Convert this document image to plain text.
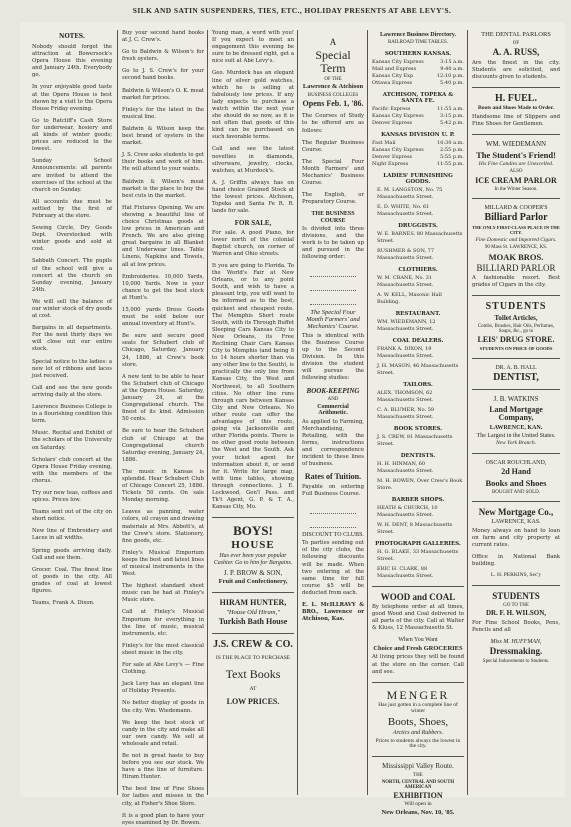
SILK AND SATIN SUSPENDERS, TIES, ETC., HOLIDAY PRESENTS AT ABE LEVY'S.
NOTES.

Nobody should forget the attraction at Bowersock's Opera House this evening and January 24th. Everybody go.

In your enjoyable good taste at the Opera House is best shown by a visit to the Opera House Friday evening.

Go to Ratcliff's Cash Store for underwear, hosiery and all kinds of winter goods; prices are reduced to the lowest.

Sunday School Announcements: all parents are invited to attend the exercises of the school at the church on Sunday.

All accounts due must be settled by the first of February at the store.

Sewing Circle, Dry Goods Dept. Overstocked with winter goods and sold at cost.

Sabbath Concert. The pupils of the school will give a concert at the church on Sunday evening, January 24th.

We will sell the balance of our winter stock of dry goods at cost.

Bargains in all departments. For the next thirty days we will close out our entire stock.

Special notice to the ladies: a new lot of ribbons and laces just received.

Call and see the new goods arriving daily at the store.

Lawrence Business College is in a flourishing condition this term.

Music. Recital and Exhibit of the scholars of the University on Saturday.

Scholars' club concert at the Opera House Friday evening, with the members of the chorus.

Try our new teas, coffees and spices. Prices low.

Teams sent out of the city on short notice.

New line of Embroidery and Laces in all widths.

Spring goods arriving daily. Call and see them.

Grocer. Coal. The finest line of goods in the city. All grades of coal at lowest figures.

Teams, Frank A. Dixon.

Buy your second hand books at J. C. Crew's.

Go to Baldwin & Wilson's for fresh oysters.

Go to J. S. Crew's for your second hand books.

Baldwin & Wilson's O. K. meat market for prices.

Finley's for the latest in the musical line.

Baldwin & Wilson keep the best brand of oysters in the market.

J. S. Crew asks students to get their books and work of him. He will attend to your wants.

Baldwin & Wilson's meat market is the place to buy the best cuts in the market.

Hat Fixtures Opening. We are showing a beautiful line of choice Christmas goods at low prices in American and French. We are also giving great bargains in all Blanket and Underwear lines. Table Linens, Napkins and Towels, all at low prices.

Embroideries. 10,000 Yards, 10,000 Yards. Now is your chance to get the best stock at Hunt's.

15,000 yards Dress Goods must be sold below our annual inventory at Hunt's.

Be sure and secure good seats for Schubert club of Chicago, Saturday, January 24, 1886, at Crew's book store.

A new tent to be able to hear the Schubert club of Chicago at the Opera House. Saturday, January 24, at the Congregational church. The finest of its kind. Admission 50 cents.

Be sure to hear the Schubert club of Chicago at the Congregational church Saturday evening, January 24, 1886.

The music in Kansas is splendid. Hear Schubert Club of Chicago Concert 25, 1886. Tickets 50 cents. On sale Monday morning.

Leaves as panning, water colors, oil crayon and drawing materials at Mrs. Abbott's, at the Crew's store. Stationery, fine goods, etc.

Finley's Musical Emporium keeps the best and latest lines of musical instruments in the West.

The highest standard sheet music can be had at Finley's Music store.

Call at Finley's Musical Emporium for everything in the line of music, musical instruments, etc.

Finley's for the most classical sheet music in the city.

For sale at Abe Levy's — Fine Clothing.

Jack Levy has an elegant line of Holiday Presents.

No better display of goods in the city. Wm. Wiedemann.

We keep the best stock of candy in the city and make all our own candy. We sell at wholesale and retail.

Be not in great haste to buy before you see our stock. We have a fine line of furniture. Hiram Hunter.

The best line of Fine Shoes for ladies and misses in the city, at Fisher's Shoe Store.

It is a good plan to have your eyes examined by Dr. Bowen.

Young man, a word with you! If you expect to meet an engagement this evening be sure to be dressed right, get a nice suit at Abe Levy's.

Geo. Murdock has an elegant line of silver gold watches, which he is selling at fabulously low prices. If any lady expects to purchase a watch within the next year she should do so now, as it is not often that goods of this kind can be purchased on such favorable terms.

Call and see the latest novelties in diamonds, silverware, jewelry, clocks, watches, at Murdock's.

A. J. Griffin always has on hand choice Grained Stock at the lowest prices. Atchison, Topeka and Santa Fe R. R. lands for sale.

FOR SALE,

For sale. A good Piano, for lower north of the colonial Baptist church, on corner of Warren and Ohio streets.

It you are going to Florida. To the World's Fair at New Orleans, or to any point South, and wish to have a pleasant trip, you will want to be informed as to the best, quickest and cheapest route. The Memphis Short route South, with its Through Buffet Sleeping Cars Kansas City to New Orleans, its Free Reclining Chair Cars Kansas City to Memphis (and being 8 to 14 hours shorter than via any other line to the South), is practically the only line from Kansas City, the West and Northwest, to all Southern cities. No other line runs through cars between Kansas City and New Orleans. No other route can offer the advantages of this route, going via Jacksonville and other Florida points. There is no other good route between the West and the South. Ask your ticket agent for information about it, or send for it. Write for large map, with time tables, showing through connections. J. E. Lockwood, Gen'l Pass. and Tk't Agent, G. P. & T. A., Kansas City, Mo.

BOYS!
HOUSE
Has ever been your popular Cashier. Go to him for Bargains.
J. P. BROW & SON,
Fruit and Confectionery,
HIRAM HUNTER,
"House Old Hiram,"
Turkish Bath House
J.S. CREW & CO.
IS THE PLACE TO PURCHASE
Text Books
AT
LOW PRICES.
A
Special Term
OF THE
Lawrence & Atchison
BUSINESS COLLEGES
Opens Feb. 1, '86.

The Courses of Study to be offered are as follows:

The Regular Business Course.

The Special Four Month Farmers' and Mechanics' Business Course.

The English, or Preparatory Course.

THE BUSINESS COURSE

Is divided into three divisions, and the work is to be taken up and pursued in the following order:

The Special Four Month Farmers' and Mechanics' Course.

This is identical with the Business Course up to the Second Division. In this division the student will pursue the following studies:

BOOK-KEEPING
AND
Commercial Arithmetic.

As applied to Farming, Merchandising, Retailing, with the forms, instructions and correspondence incident to these lines of business.

Rates of Tuition.

Payable on entering Full Business Course.

DISCOUNT TO CLUBS.

To parties sending out of the city clubs, the following discounts will be made. When two entering at the same time for full course $5 will be deducted from each.

E. L. McILLRAVY & BRO., Lawrence or Atchison, Kas.

Lawrence Business Directory.
RAILROAD TIME TABLES.
SOUTHERN KANSAS.
Kansas City Express	3:15 a.m.
Mail and Express	9:40 a.m.
Kansas City Exp	12:10 p.m.
Ottawa Express	5:40 p.m.
ATCHISON, TOPEKA & SANTA FE.
Pacific Express	11:55 a.m.
Kansas City Express	3:15 p.m.
Denver Express	5:42 p.m.
KANSAS DIVISION U. P.
Fast Mail	10:30 a.m.
Kansas City Express	2:55 p.m.
Denver Express	5:55 p.m.
Night Express	11:55 p.m.
LADIES' FURNISHING GOODS.
E. M. LANGSTON, No. 75 Massachusetts Street.
E. D. WHITE, No. 61 Massachusetts Street.
DRUGGISTS.
W. E. BARNES, 80 Massachusetts Street.
RUSHMER & SON, 77 Massachusetts Street.
CLOTHIERS.
W. M. CRANE, No. 31 Massachusetts Street.
A. W. KELL, Masonic Hall Building.
RESTAURANT.
WM. WIEDEMANN, 12 Massachusetts Street.
COAL DEALERS.
FRANK A. DIXON, 19 Massachusetts Street.
J. H. MASON, 46 Massachusetts Street.
TAILORS.
ALEX. THOMSON, 62 Massachusetts Street.
C. A. BLUMER, No. 59 Massachusetts Street.
BOOK STORES.
J. S. CREW, 81 Massachusetts Street.
DENTISTS.
H. H. HINMAN, 60 Massachusetts Street.
M. H. BOWEN, Over Crew's Book Store.
BARBER SHOPS.
HEATH & CHURCH, 10 Massachusetts Street.
W. H. DENT, 8 Massachusetts Street.
PHOTOGRAPH GALLERIES.
H. G. BLAKE, 33 Massachusetts Street.
ERIC H. CLARK, 88 Massachusetts Street.
WOOD and COAL

By telephone order at all times, good Wood and Coal delivered to all parts of the city. Call at Walter & Kluss, 12 Massachusetts St.

When You Want
Choice and Fresh GROCERIES

At living prices they will be found at the store on the corner. Call and see.

MENGER
Has just gotten in a complete line of winter
Boots, Shoes,
Arctics and Rubbers.
Prices to students always the lowest in the city.
Mississippi Valley Route.
THE
NORTH, CENTRAL AND SOUTH AMERICAN
EXHIBITION
Will open in
New Orleans, Nov. 10, '85.
THE DENTAL PARLORS
OF
A. A. RUSS,

Are the finest in the city. Students are solicited, and discounts given to students.

H. FUEL.
Boots and Shoes Made to Order.

Handsome line of Slippers and Fine Shoes for Gentlemen.

WM. WIEDEMANN
The Student's Friend!
His Fine Candies are Unexcelled.
ALSO
ICE CREAM PARLOR
In the Winter Season.
MILLARD & COOPER'S
Billiard Parlor
THE ONLY FIRST-CLASS PLACE IN THE CITY.
Fine Domestic and Imported Cigars.
90 Mass St. LAWRENCE, KS.
MOAK BROS.
BILLIARD PARLOR

A fashionable resort. Best grades of Cigars in the city.

STUDENTS
Toilet Articles,
Combs, Brushes, Hair Oils, Perfumes, Soaps, &c., go to
LEIS' DRUG STORE.
STUDENTS ON PRICE OF GOODS
DR. A. B. HALL
DENTIST,
J. B. WATKINS
Land Mortgage Company,
LAWRENCE, KAN.
The Largest in the United States.
New York Branch.
OSCAR ROUCHLAND,
2d Hand
Books and Shoes
BOUGHT AND SOLD.
New Mortgage Co.,
LAWRENCE, KAS.

Money always on hand to loan on farm and city property at current rates.

Office in National Bank building.

L. H. PERKINS, Sec'y
STUDENTS
GO TO THE
DR. F. H. WILSON,

For Fine School Books, Pens, Pencils and all

Miss M. HUFFMAN,
Dressmaking.
Special Inducements to Students.
